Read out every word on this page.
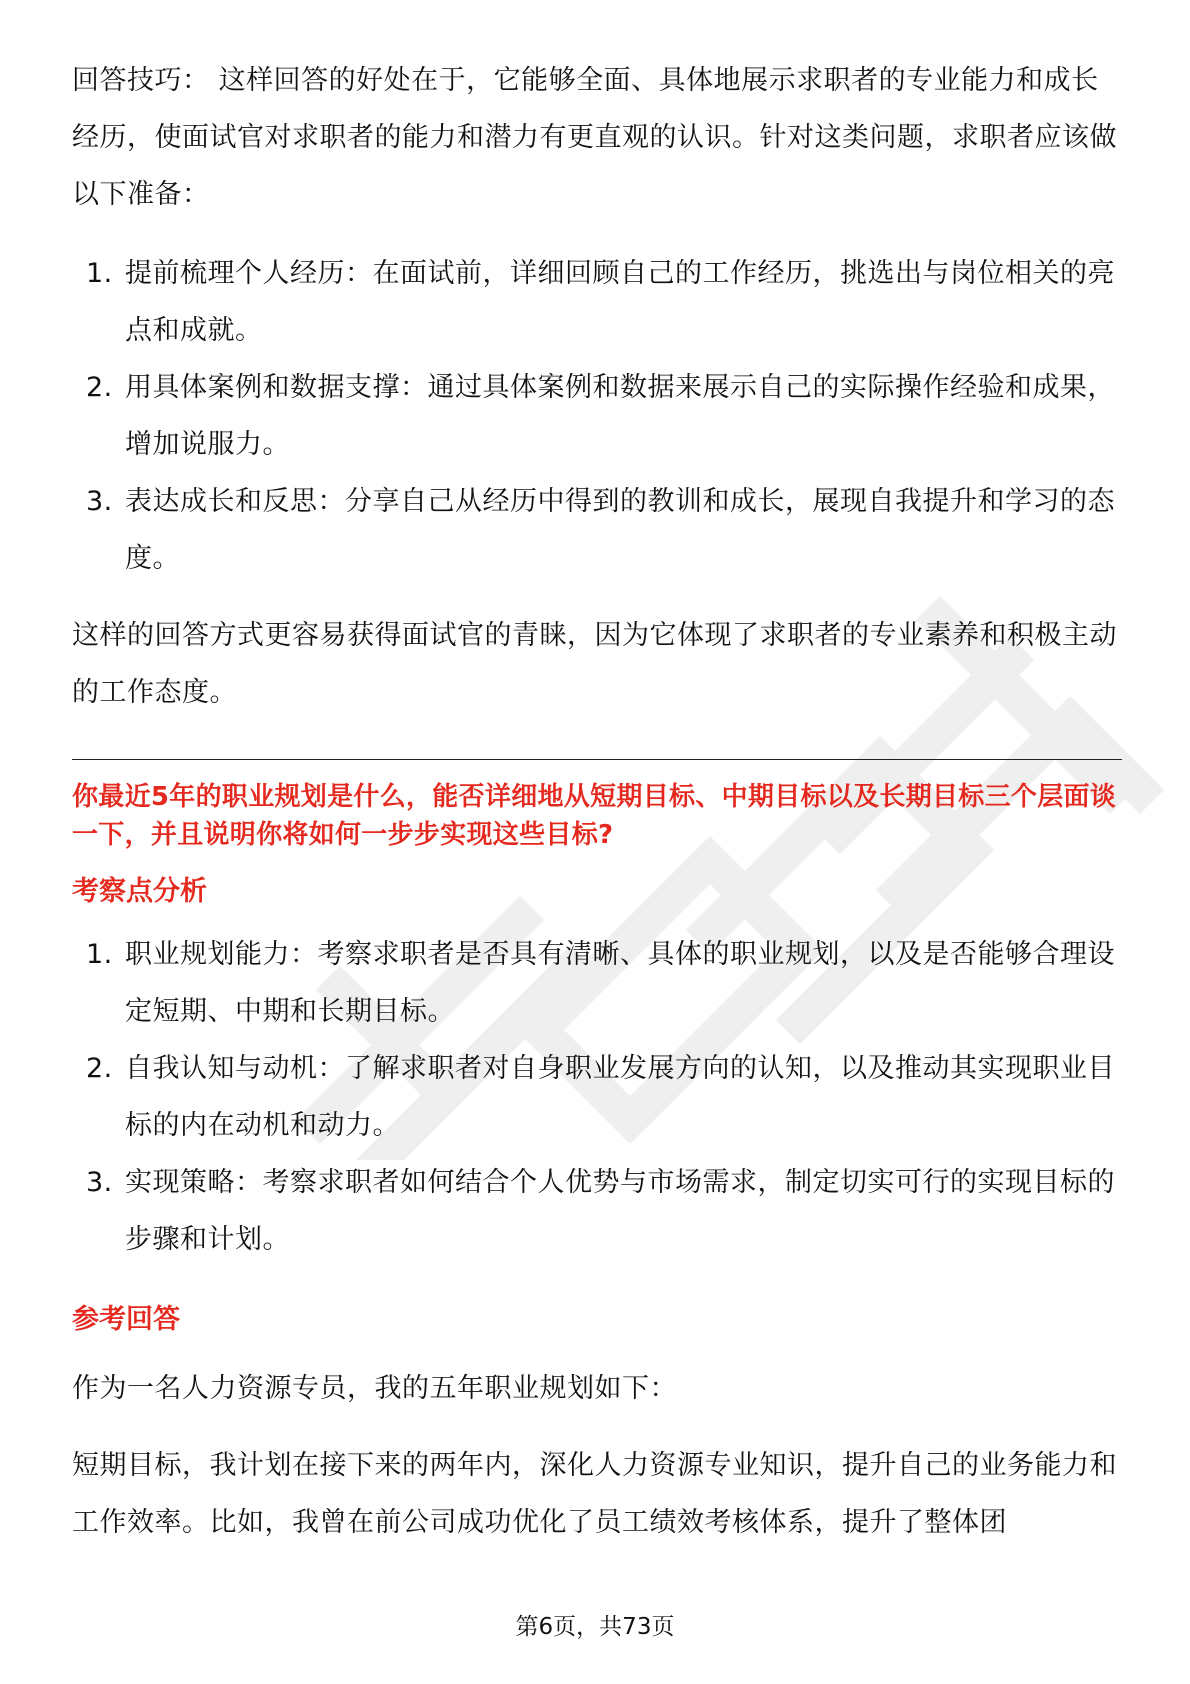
回答技巧： 这样回答的好处在于，它能够全面、具体地展示求职者的专业能力和成长经历，使面试官对求职者的能力和潜力有更直观的认识。针对这类问题，求职者应该做以下准备：

1. 提前梳理个人经历：在面试前，详细回顾自己的工作经历，挑选出与岗位相关的亮点和成就。
2. 用具体案例和数据支撑：通过具体案例和数据来展示自己的实际操作经验和成果，增加说服力。
3. 表达成长和反思：分享自己从经历中得到的教训和成长，展现自我提升和学习的态度。

这样的回答方式更容易获得面试官的青睐，因为它体现了求职者的专业素养和积极主动的工作态度。

你最近5年的职业规划是什么，能否详细地从短期目标、中期目标以及长期目标三个层面谈一下，并且说明你将如何一步步实现这些目标?
考察点分析
1. 职业规划能力：考察求职者是否具有清晰、具体的职业规划，以及是否能够合理设定短期、中期和长期目标。
2. 自我认知与动机：了解求职者对自身职业发展方向的认知，以及推动其实现职业目标的内在动机和动力。
3. 实现策略：考察求职者如何结合个人优势与市场需求，制定切实可行的实现目标的步骤和计划。
参考回答

作为一名人力资源专员，我的五年职业规划如下：

短期目标，我计划在接下来的两年内，深化人力资源专业知识，提升自己的业务能力和工作效率。比如，我曾在前公司成功优化了员工绩效考核体系，提升了整体团

第6页，共73页
